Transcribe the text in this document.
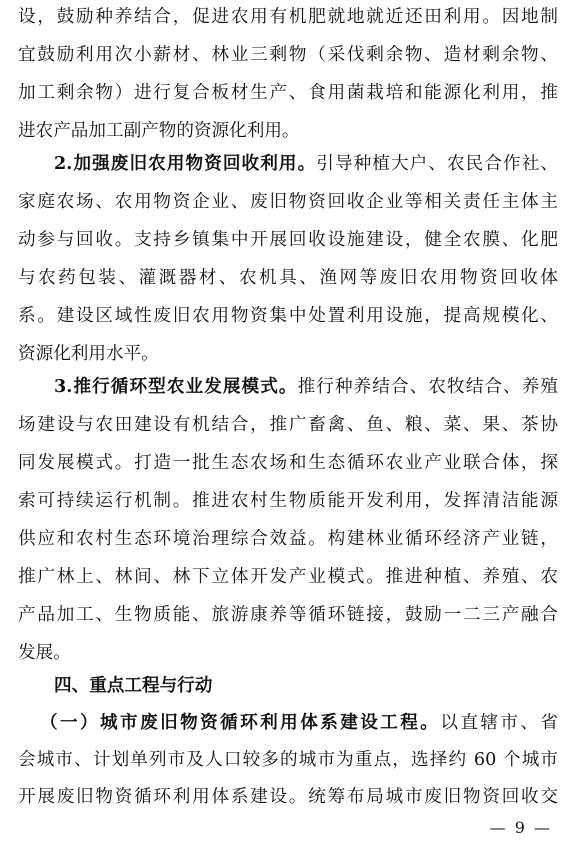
设，鼓励种养结合，促进农用有机肥就地就近还田利用。因地制
宜鼓励利用次小薪材、林业三剩物（采伐剩余物、造材剩余物、
加工剩余物）进行复合板材生产、食用菌栽培和能源化利用，推
进农产品加工副产物的资源化利用。
2.加强废旧农用物资回收利用。引导种植大户、农民合作社、
家庭农场、农用物资企业、废旧物资回收企业等相关责任主体主
动参与回收。支持乡镇集中开展回收设施建设，健全农膜、化肥
与农药包装、灌溉器材、农机具、渔网等废旧农用物资回收体
系。建设区域性废旧农用物资集中处置利用设施，提高规模化、
资源化利用水平。
3.推行循环型农业发展模式。推行种养结合、农牧结合、养殖
场建设与农田建设有机结合，推广畜禽、鱼、粮、菜、果、茶协
同发展模式。打造一批生态农场和生态循环农业产业联合体，探
索可持续运行机制。推进农村生物质能开发利用，发挥清洁能源
供应和农村生态环境治理综合效益。构建林业循环经济产业链，
推广林上、林间、林下立体开发产业模式。推进种植、养殖、农
产品加工、生物质能、旅游康养等循环链接，鼓励一二三产融合
发展。
四、重点工程与行动
（一）城市废旧物资循环利用体系建设工程。以直辖市、省
会城市、计划单列市及人口较多的城市为重点，选择约 60 个城市
开展废旧物资循环利用体系建设。统筹布局城市废旧物资回收交
— 9 —
